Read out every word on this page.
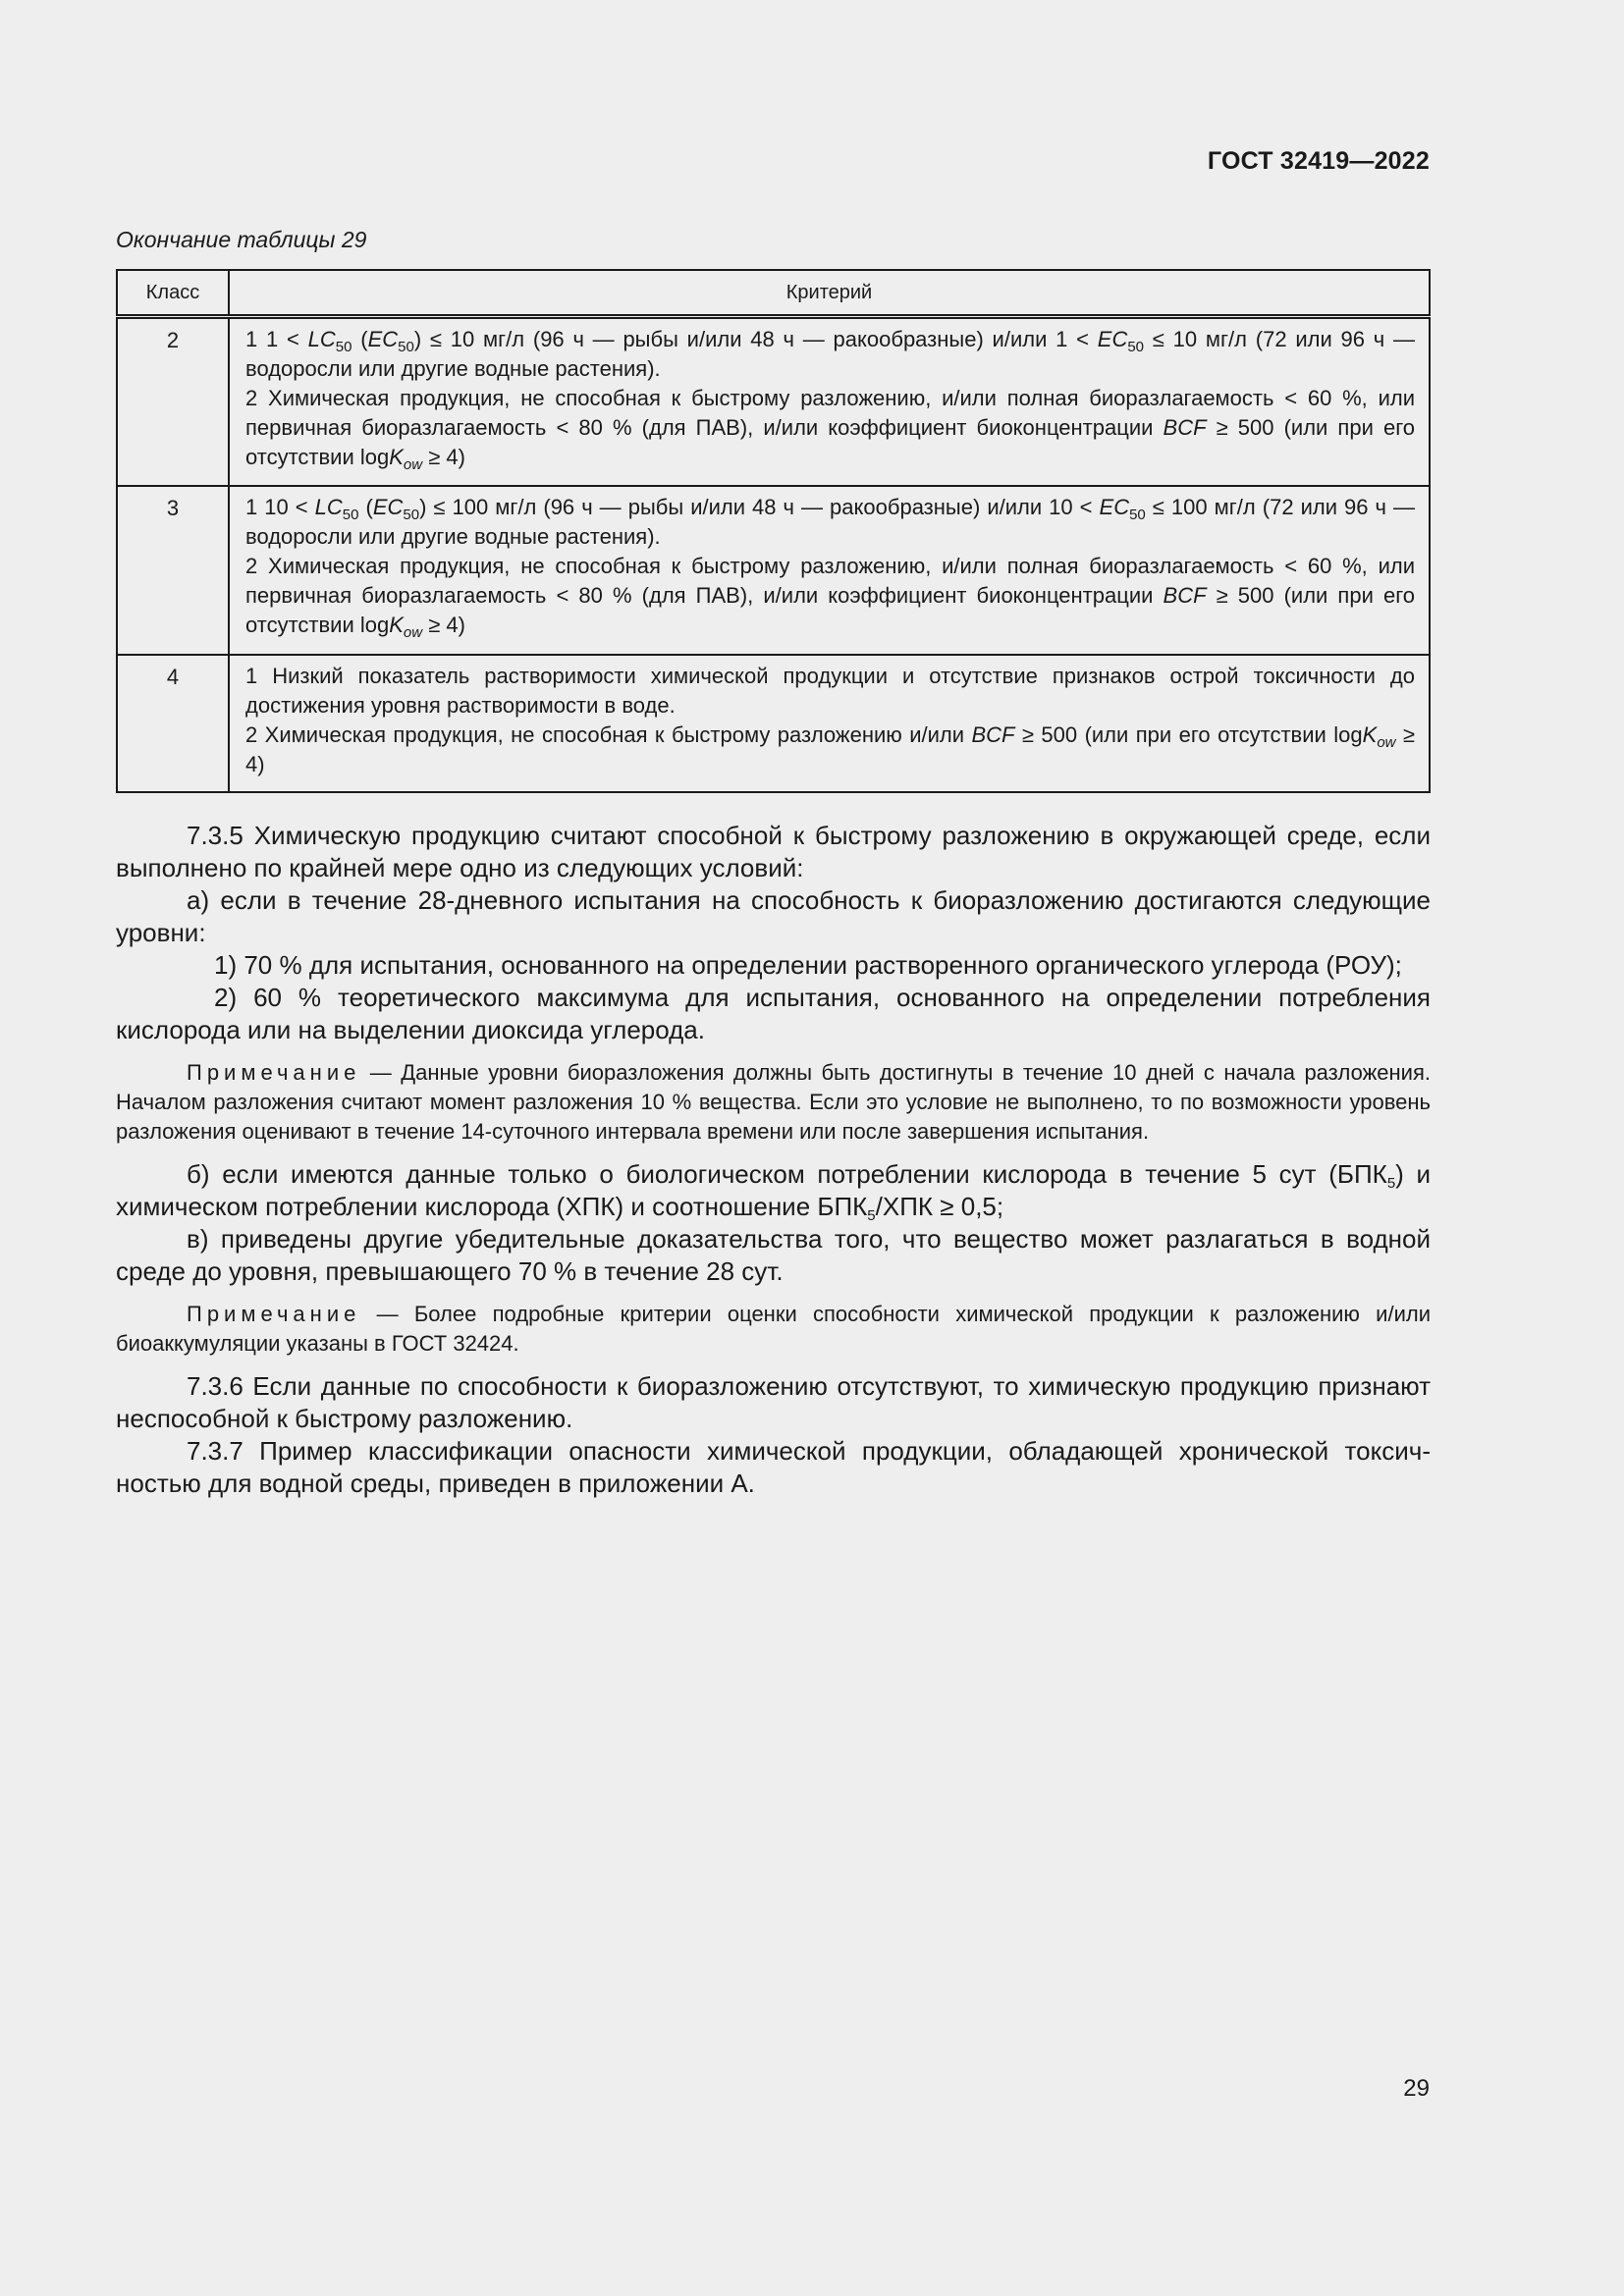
ГОСТ 32419—2022
Окончание таблицы 29
Класс	Критерий
2	1 $1 < LC_{50}$ $(EC_{50}) \le 10$ мг/л (96 ч — рыбы и/или 48 ч — ракообразные) и/или $1 < EC_{50} \le 10$ мг/л (72 или 96 ч — водоросли или другие водные растения).

2 Химическая продукция, не способная к быстрому разложению, и/или полная биоразлагаемость < 60 %, или первичная биоразлагаемость < 80 % (для ПАВ), и/или коэффициент биоконцентрации BCF ≥ 500 (или при его отсутствии logK$_{ow}$ ≥ 4)

3	1 $10 < LC_{50}$ $(EC_{50}) \le 100$ мг/л (96 ч — рыбы и/или 48 ч — ракообразные) и/или $10 < EC_{50} \le 100$ мг/л (72 или 96 ч — водоросли или другие водные растения).

2 Химическая продукция, не способная к быстрому разложению, и/или полная биоразлагаемость < 60 %, или первичная биоразлагаемость < 80 % (для ПАВ), и/или коэффициент биоконцентрации BCF ≥ 500 (или при его отсутствии logK$_{ow}$ ≥ 4)

4	1 Низкий показатель растворимости химической продукции и отсутствие признаков острой токсичности до достижения уровня растворимости в воде.

2 Химическая продукция, не способная к быстрому разложению и/или BCF ≥ 500 (или при его отсутствии logK$_{ow}$ ≥ 4)

7.3.5 Химическую продукцию считают способной к быстрому разложению в окружающей среде, если выполнено по крайней мере одно из следующих условий:

а) если в течение 28-дневного испытания на способность к биоразложению достигаются следующие уровни:

1) 70 % для испытания, основанного на определении растворенного органического углерода (РОУ);

2) 60 % теоретического максимума для испытания, основанного на определении потребления кислорода или на выделении диоксида углерода.

Примечание — Данные уровни биоразложения должны быть достигнуты в течение 10 дней с начала разложения. Началом разложения считают момент разложения 10 % вещества. Если это условие не выполнено, то по возможности уровень разложения оценивают в течение 14-суточного интервала времени или после завершения испытания.

б) если имеются данные только о биологическом потреблении кислорода в течение 5 сут $(БПК_5)$ и химическом потреблении кислорода (ХПК) и соотношение $БПК_5$/ХПК ≥ 0,5;

в) приведены другие убедительные доказательства того, что вещество может разлагаться в водной среде до уровня, превышающего 70 % в течение 28 сут.

Примечание — Более подробные критерии оценки способности химической продукции к разложению и/или биоаккумуляции указаны в ГОСТ 32424.

7.3.6 Если данные по способности к биоразложению отсутствуют, то химическую продукцию признают неспособной к быстрому разложению.

7.3.7 Пример классификации опасности химической продукции, обладающей хронической токсичностью для водной среды, приведен в приложении А.

29
